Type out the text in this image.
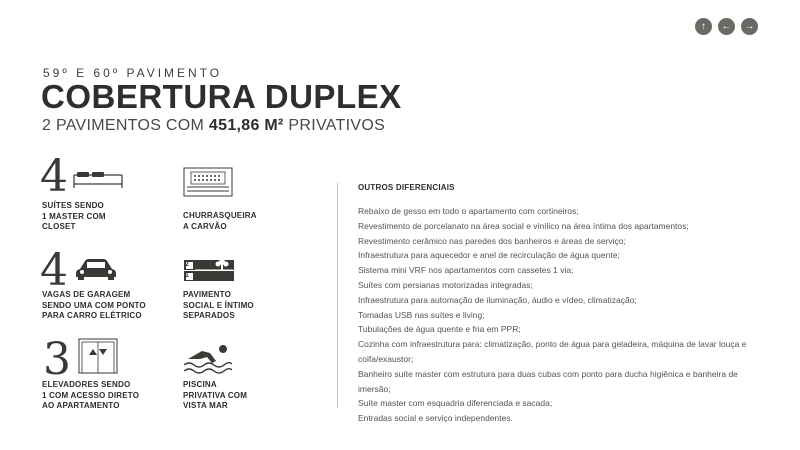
↑ ← →
59º E 60º PAVIMENTO
COBERTURA DUPLEX
2 PAVIMENTOS COM 451,86 M² PRIVATIVOS
4
SUÍTES SENDO
1 MASTER COM
CLOSET
CHURRASQUEIRA
A CARVÃO
4
VAGAS DE GARAGEM
SENDO UMA COM PONTO
PARA CARRO ELÉTRICO
2
1
PAVIMENTO
SOCIAL E ÍNTIMO
SEPARADOS
3
ELEVADORES SENDO
1 COM ACESSO DIRETO
AO APARTAMENTO
PISCINA
PRIVATIVA COM
VISTA MAR
OUTROS DIFERENCIAIS
Rebaixo de gesso em todo o apartamento com cortineiros;
Revestimento de porcelanato na área social e vinílico na área íntima dos apartamentos;
Revestimento cerâmico nas paredes dos banheiros e áreas de serviço;
Infraestrutura para aquecedor e anel de recirculação de água quente;
Sistema mini VRF nos apartamentos com cassetes 1 via;
Suítes com persianas motorizadas integradas;
Infraestrutura para automação de iluminação, áudio e vídeo, climatização;
Tomadas USB nas suítes e living;
Tubulações de água quente e fria em PPR;
Cozinha com infraestrutura para: climatização, ponto de água para geladeira, máquina de lavar louça e coifa/exaustor;
Banheiro suíte master com estrutura para duas cubas com ponto para ducha higiênica e banheira de imersão;
Suíte master com esquadria diferenciada e sacada;
Entradas social e serviço independentes.
